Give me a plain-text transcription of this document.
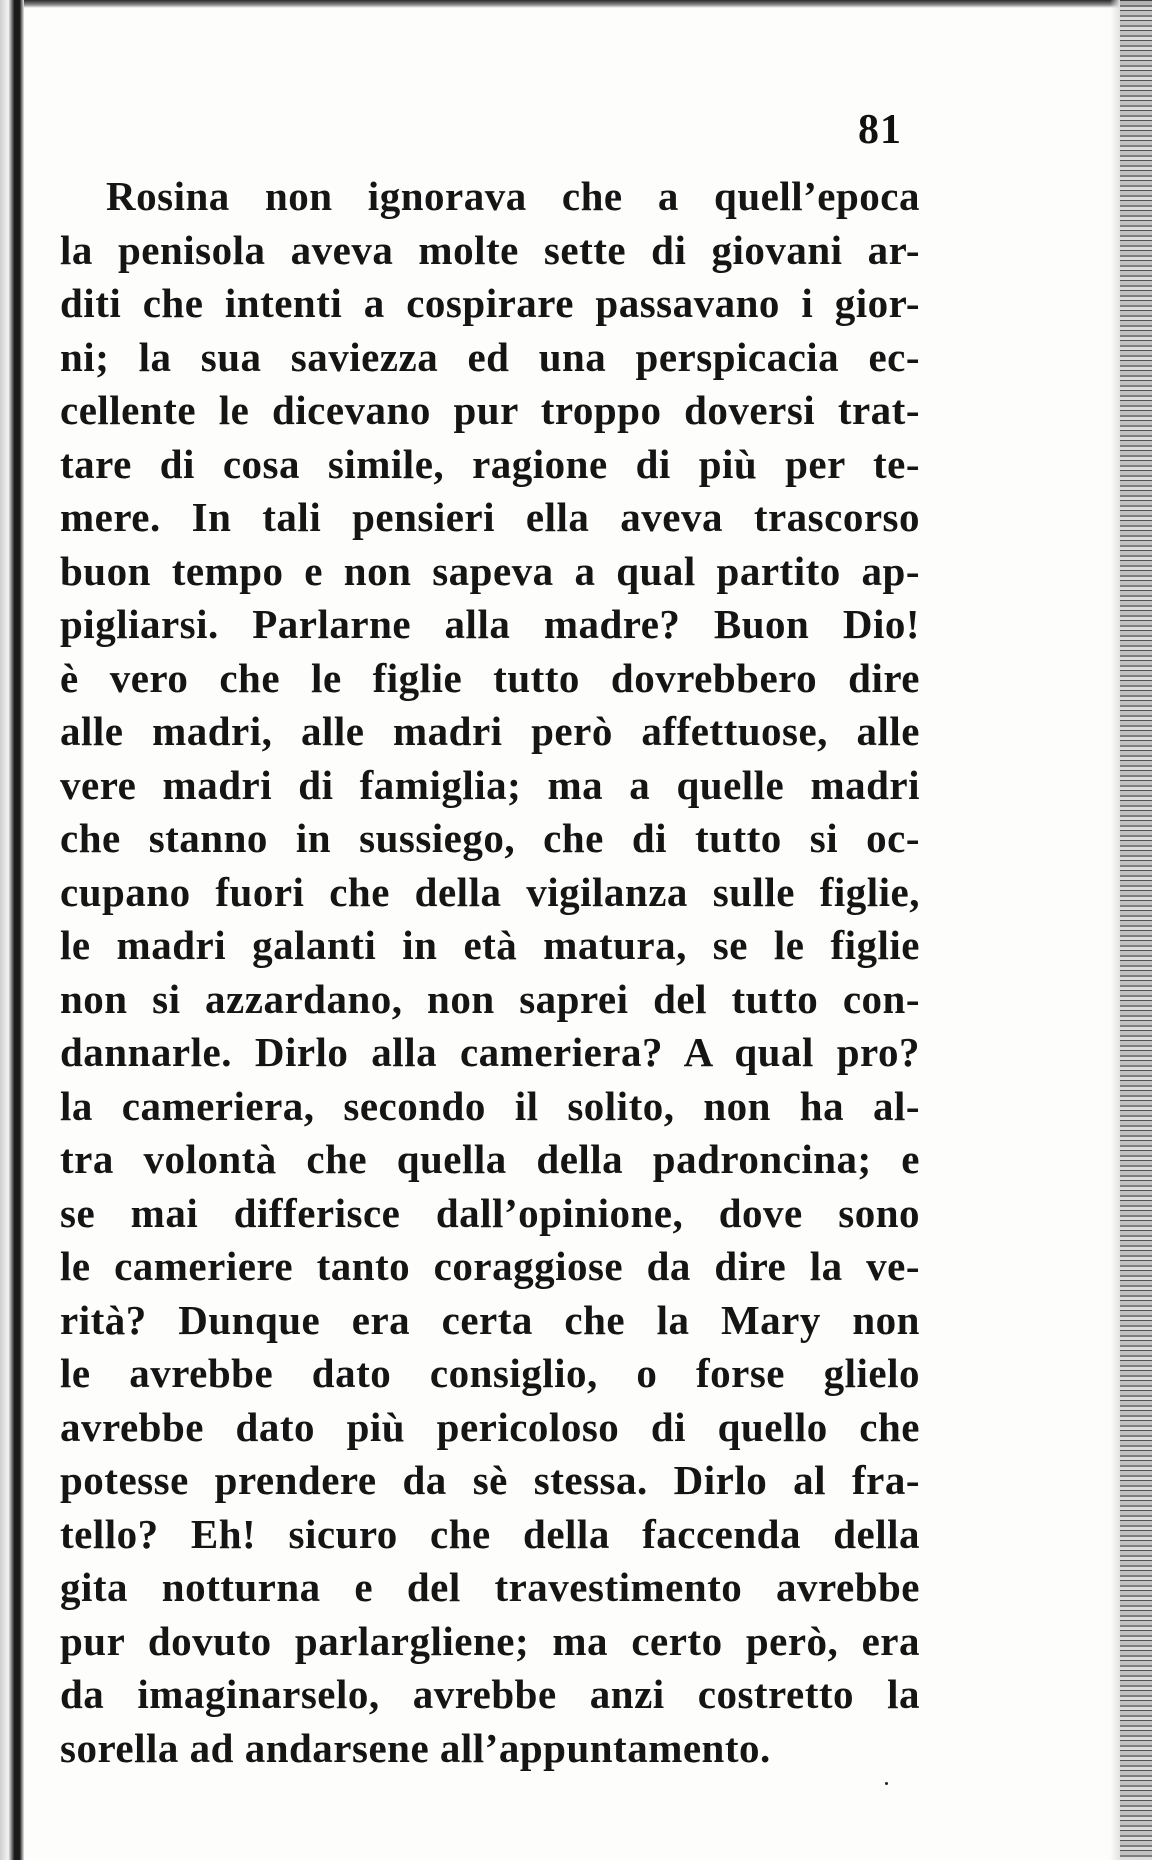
81
Rosina non ignorava che a quell’epoca
la penisola aveva molte sette di giovani ar-
diti che intenti a cospirare passavano i gior-
ni; la sua saviezza ed una perspicacia ec-
cellente le dicevano pur troppo doversi trat-
tare di cosa simile, ragione di più per te-
mere. In tali pensieri ella aveva trascorso
buon tempo e non sapeva a qual partito ap-
pigliarsi. Parlarne alla madre? Buon Dio!
è vero che le figlie tutto dovrebbero dire
alle madri, alle madri però affettuose, alle
vere madri di famiglia; ma a quelle madri
che stanno in sussiego, che di tutto si oc-
cupano fuori che della vigilanza sulle figlie,
le madri galanti in età matura, se le figlie
non si azzardano, non saprei del tutto con-
dannarle. Dirlo alla cameriera? A qual pro?
la cameriera, secondo il solito, non ha al-
tra volontà che quella della padroncina; e
se mai differisce dall’opinione, dove sono
le cameriere tanto coraggiose da dire la ve-
rità? Dunque era certa che la Mary non
le avrebbe dato consiglio, o forse glielo
avrebbe dato più pericoloso di quello che
potesse prendere da sè stessa. Dirlo al fra-
tello? Eh! sicuro che della faccenda della
gita notturna e del travestimento avrebbe
pur dovuto parlargliene; ma certo però, era
da imaginarselo, avrebbe anzi costretto la
sorella ad andarsene all’appuntamento.
